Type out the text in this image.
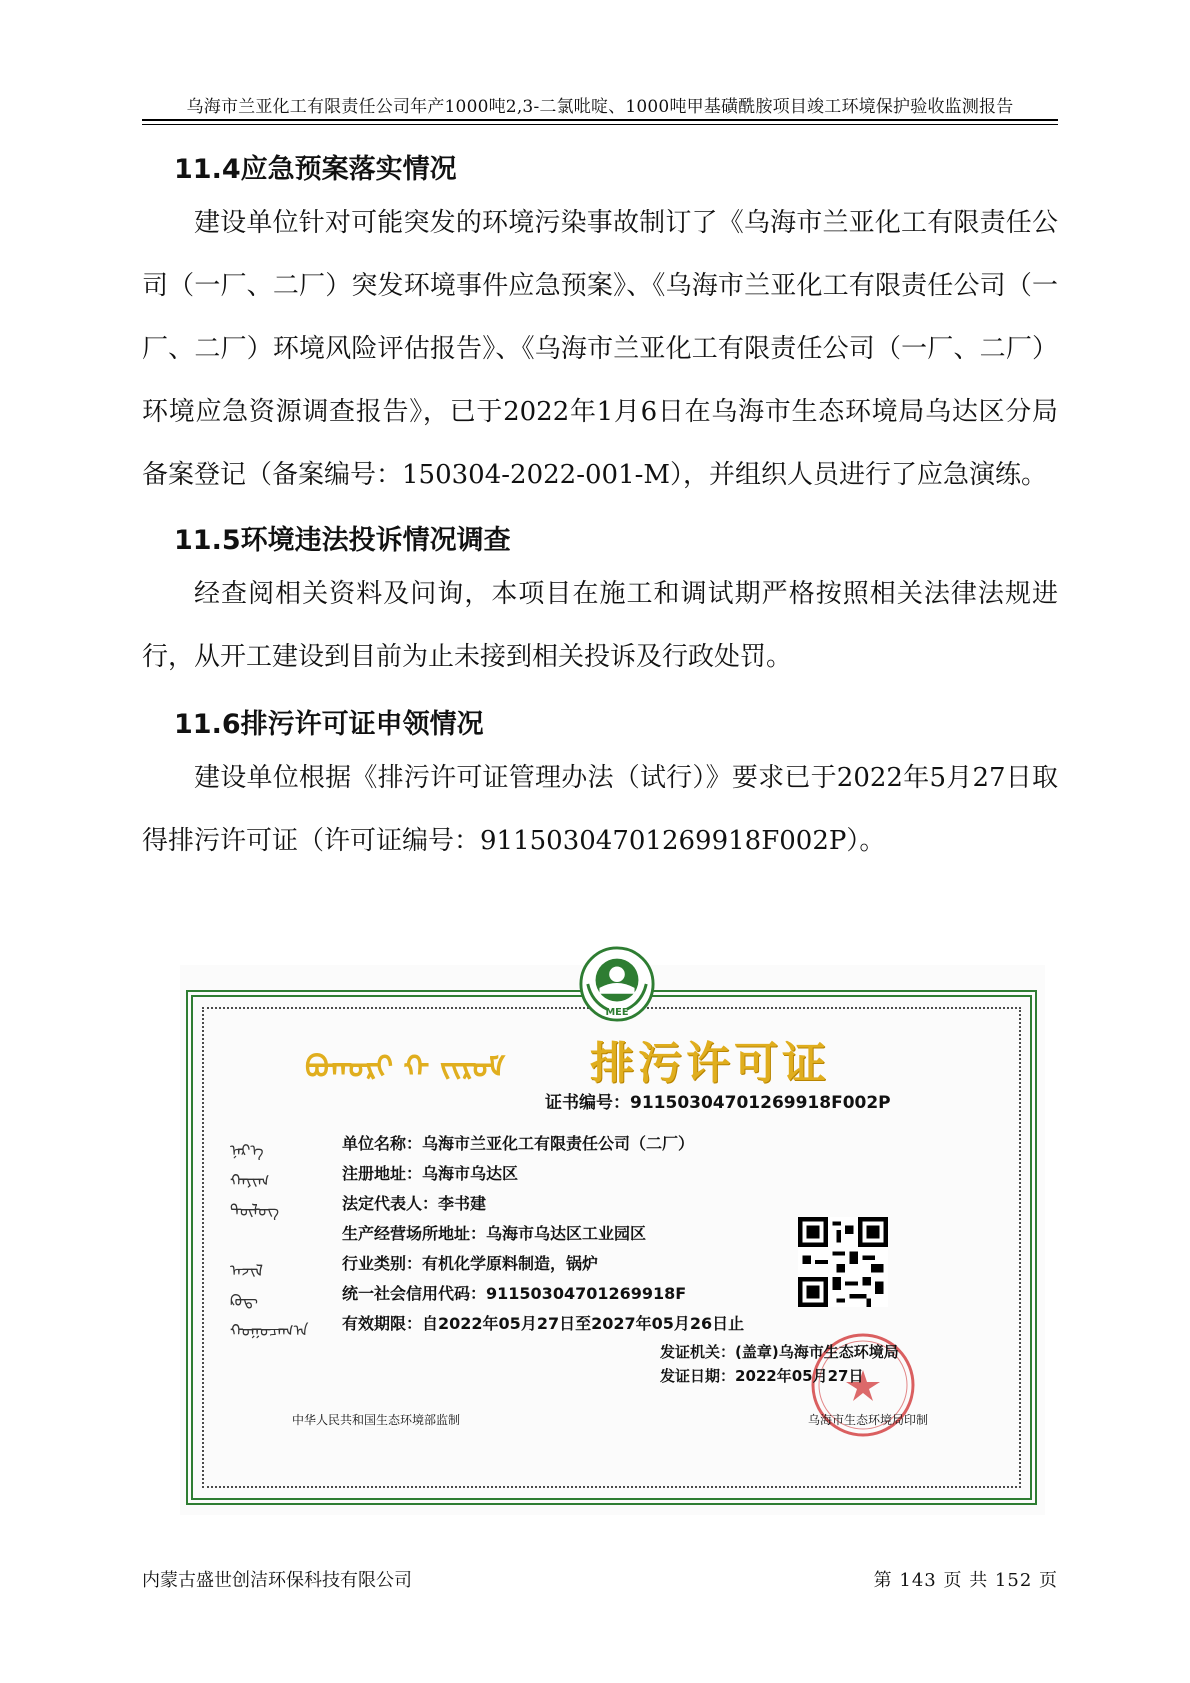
乌海市兰亚化工有限责任公司年产1000吨2,3-二氯吡啶、1000吨甲基磺酰胺项目竣工环境保护验收监测报告
11.4应急预案落实情况

建设单位针对可能突发的环境污染事故制订了《乌海市兰亚化工有限责任公司（一厂、二厂）突发环境事件应急预案》、《乌海市兰亚化工有限责任公司（一厂、二厂）环境风险评估报告》、《乌海市兰亚化工有限责任公司（一厂、二厂）环境应急资源调查报告》，已于2022年1月6日在乌海市生态环境局乌达区分局备案登记（备案编号：150304-2022-001-M），并组织人员进行了应急演练。

11.5环境违法投诉情况调查

经查阅相关资料及问询，本项目在施工和调试期严格按照相关法律法规进行，从开工建设到目前为止未接到相关投诉及行政处罚。

11.6排污许可证申领情况

建设单位根据《排污许可证管理办法（试行）》要求已于2022年5月27日取得排污许可证（许可证编号：91150304701269918F002P）。

MEE
ᠪᠤᠬᠤᠷᠢ ᠬ ᠵᠢᠷᠤᠮ 排污许可证
证书编号：91150304701269918F002P
ᠨᠡᠷ᠎ᠡ
ᠬᠠᠶᠢᠭ
ᠲᠥᠯᠥᠭ
ᠠᠵᠢᠯ
ᠺᠣᠳ᠋
ᠬᠤᠭᠤᠴᠠᠭ᠎ᠠ
单位名称：乌海市兰亚化工有限责任公司（二厂）
注册地址：乌海市乌达区
法定代表人：李书建
生产经营场所地址：乌海市乌达区工业园区
行业类别：有机化学原料制造，锅炉
统一社会信用代码：91150304701269918F
有效期限：自2022年05月27日至2027年05月26日止
发证机关：(盖章)乌海市生态环境局
发证日期：2022年05月27日
中华人民共和国生态环境部监制	乌海市生态环境局印制
内蒙古盛世创洁环保科技有限公司	第 143 页 共 152 页
